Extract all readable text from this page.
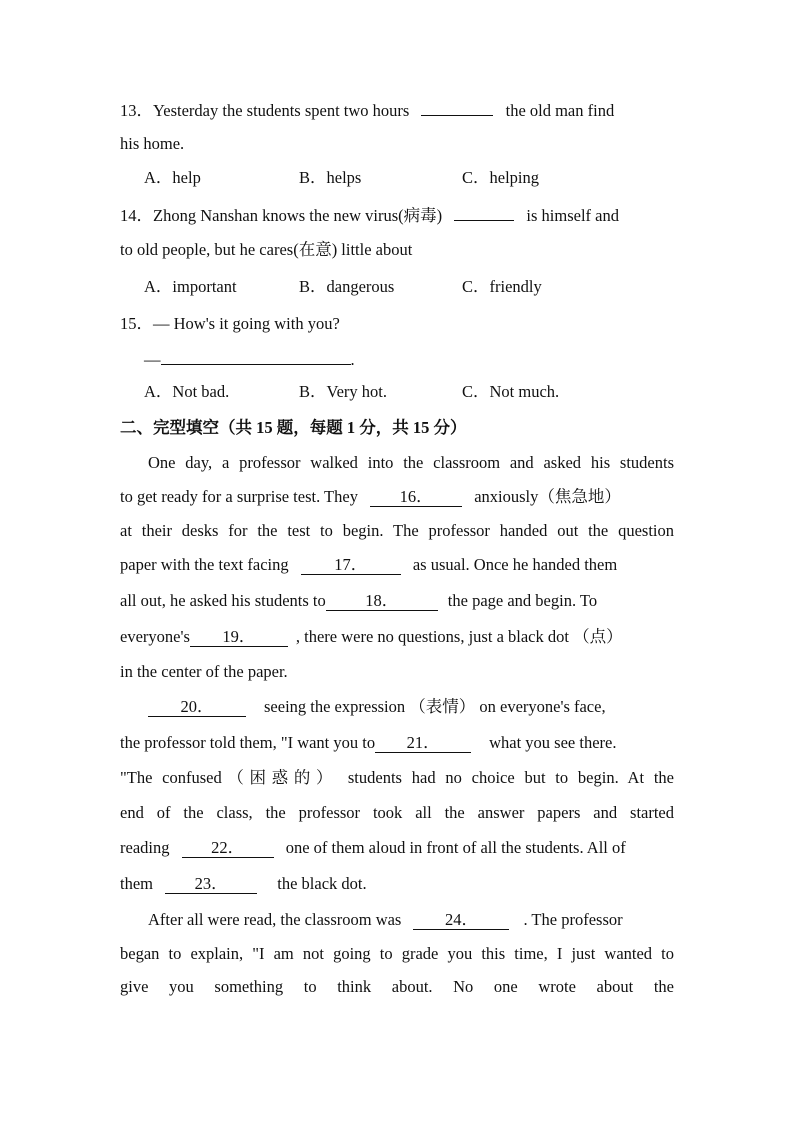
13．Yesterday the students spent two hours	the old man find
his home.
A．help	B．helps	C．helping
14．Zhong Nanshan knows the new virus(病毒)	is himself and
to old people, but he cares(在意) little about
A．important	B．dangerous	C．friendly
15．— How's it going with you?
—	.
A．Not bad.	B．Very hot.	C．Not much.
二、完型填空（共 15 题，每题 1 分，共 15 分）
One day, a professor walked into the classroom and asked his students
to get ready for a surprise test. They	16．	anxiously（焦急地）
at their desks for the test to begin. The professor handed out the question
paper with the text facing	17．	as usual. Once he handed them
all out, he asked his students to 18．	the page and begin. To
everyone's 19． , there were no questions, just a black dot （点）
in the center of the paper.
20．	seeing the expression （表情） on everyone's face,
the professor told them, "I want you to 21．	what you see there.
"The confused（困惑的） students had no choice but to begin. At the
end of the class, the professor took all the answer papers and started
reading	22．	one of them aloud in front of all the students. All of
them	23．	the black dot.
After all were read, the classroom was	24．	. The professor
began to explain, "I am not going to grade you this time, I just wanted to
give you something to think about. No one wrote about the
